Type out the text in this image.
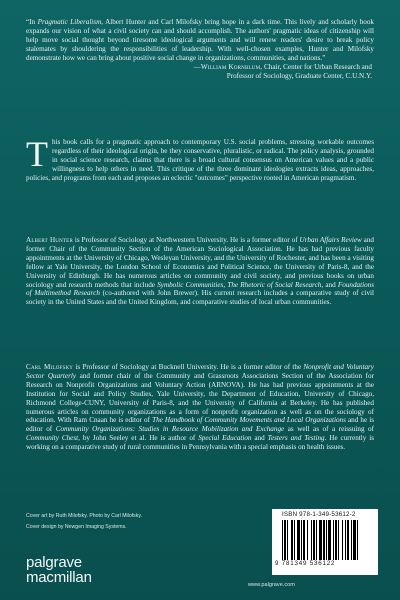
“In Pragmatic Liberalism, Albert Hunter and Carl Milofsky bring hope in a dark time. This lively and scholarly book expands our vision of what a civil society can and should accomplish. The authors' pragmatic ideas of citizenship will help move social thought beyond tiresome ideological arguments and will renew readers' desire to break policy stalemates by shouldering the responsibilities of leadership. With well-chosen examples, Hunter and Milofsky demonstrate how we can bring about positive social change in organizations, communities, and nations.”
—William Kornblum, Chair, Center for Urban Research and
Professor of Sociology, Graduate Center, C.U.N.Y.
This book calls for a pragmatic approach to contemporary U.S. social problems, stressing workable outcomes regardless of their ideological origin, be they conservative, pluralistic, or radical. The policy analysis, grounded in social science research, claims that there is a broad cultural consensus on American values and a public willingness to help others in need. This critique of the three dominant ideologies extracts ideas, approaches, policies, and programs from each and proposes an eclectic "outcomes" perspective rooted in American pragmatism.
Albert Hunter is Professor of Sociology at Northwestern University. He is a former editor of Urban Affairs Review and former Chair of the Community Section of the American Sociological Association. He has had previous faculty appointments at the University of Chicago, Wesleyan University, and the University of Rochester, and has been a visiting fellow at Yale University, the London School of Economics and Political Science, the University of Paris-8, and the University of Edinburgh. He has numerous articles on community and civil society, and previous books on urban sociology and research methods that include Symbolic Communities, The Rhetoric of Social Research, and Foundations of Multimethod Research (co-authored with John Brewer). His current research includes a comparative study of civil society in the United States and the United Kingdom, and comparative studies of local urban communities.
Carl Milofsky is Professor of Sociology at Bucknell University. He is a former editor of the Nonprofit and Voluntary Sector Quarterly and former chair of the Community and Grassroots Associations Section of the Association for Research on Nonprofit Organizations and Voluntary Action (ARNOVA). He has had previous appointments at the Institution for Social and Policy Studies, Yale University, the Department of Education, University of Chicago, Richmond College-CUNY, University of Paris-8, and the University of California at Berkeley. He has published numerous articles on community organizations as a form of nonprofit organization as well as on the sociology of education. With Ram Cnaan he is editor of The Handbook of Community Movements and Local Organizations and he is editor of Community Organizations: Studies in Resource Mobilization and Exchange as well as of a reissuing of Community Chest, by John Seeley et al. He is author of Special Education and Testers and Testing. He currently is working on a comparative study of rural communities in Pennsylvania with a special emphasis on health issues.
Cover art by Ruth Milofsky. Photo by Carl Milofsky.
Cover design by Newgen Imaging Systems.
palgrave
macmillan
ISBN 978-1-349-53612-2
9 781349 536122
www.palgrave.com
